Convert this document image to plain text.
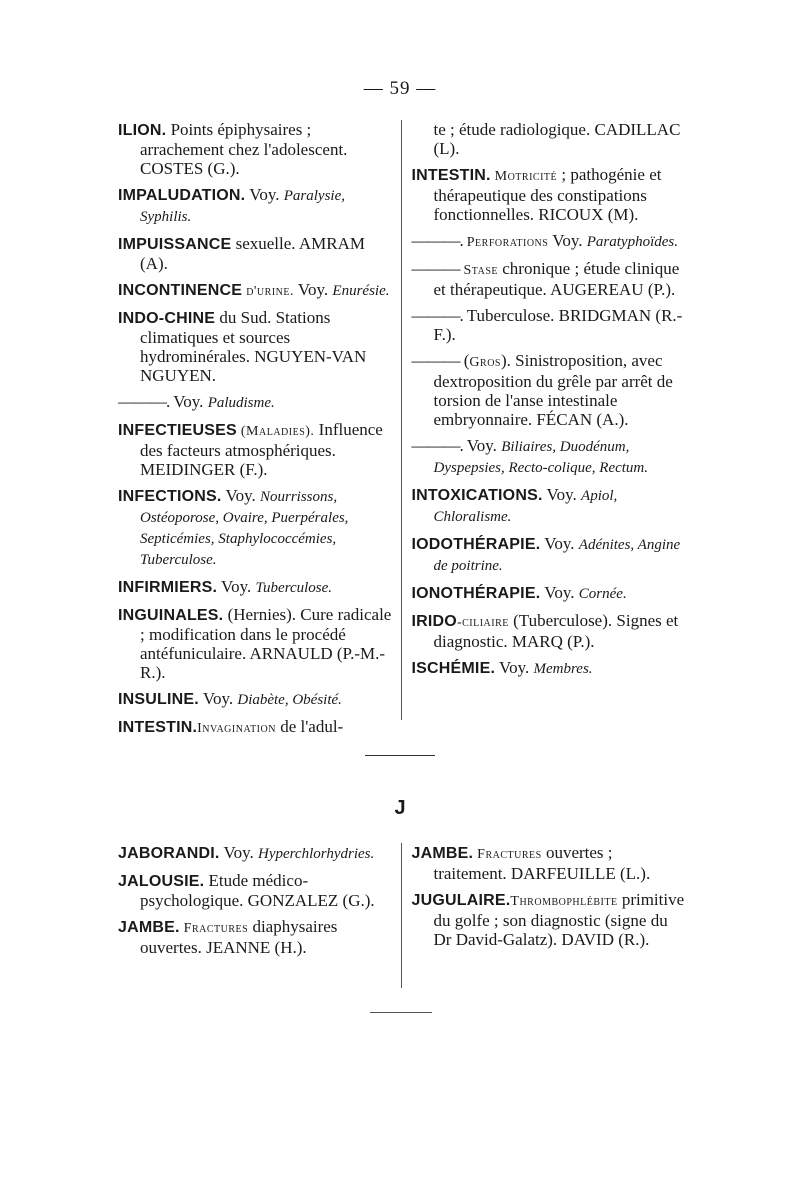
— 59 —
ILION. Points épiphysaires ; arrachement chez l'adolescent. COSTES (G.).
IMPALUDATION. Voy. Paralysie, Syphilis.
IMPUISSANCE sexuelle. AMRAM (A).
INCONTINENCE d'urine. Voy. Enurésie.
INDO-CHINE du Sud. Stations climatiques et sources hydrominérales. NGUYEN-VAN NGUYEN.
———. Voy. Paludisme.
INFECTIEUSES (Maladies). Influence des facteurs atmosphériques. MEIDINGER (F.).
INFECTIONS. Voy. Nourrissons, Ostéoporose, Ovaire, Puerpérales, Septicémies, Staphylococcémies, Tuberculose.
INFIRMIERS. Voy. Tuberculose.
INGUINALES. (Hernies). Cure radicale ; modification dans le procédé antéfuniculaire. ARNAULD (P.-M.-R.).
INSULINE. Voy. Diabète, Obésité.
INTESTIN.Invagination de l'adul-
te ; étude radiologique. CADILLAC (L).
INTESTIN. Motricité ; pathogénie et thérapeutique des constipations fonctionnelles. RICOUX (M).
———. Perforations Voy. Paratyphoïdes.
——— Stase chronique ; étude clinique et thérapeutique. AUGEREAU (P.).
———. Tuberculose. BRIDGMAN (R.-F.).
——— (Gros). Sinistroposition, avec dextroposition du grêle par arrêt de torsion de l'anse intestinale embryonnaire. FÉCAN (A.).
———. Voy. Biliaires, Duodénum, Dyspepsies, Recto-colique, Rectum.
INTOXICATIONS. Voy. Apiol, Chloralisme.
IODOTHÉRAPIE. Voy. Adénites, Angine de poitrine.
IONOTHÉRAPIE. Voy. Cornée.
IRIDO-ciliaire (Tuberculose). Signes et diagnostic. MARQ (P.).
ISCHÉMIE. Voy. Membres.
J
JABORANDI. Voy. Hyperchlorhydries.
JALOUSIE. Etude médico-psychologique. GONZALEZ (G.).
JAMBE. Fractures diaphysaires ouvertes. JEANNE (H.).
JAMBE. Fractures ouvertes ; traitement. DARFEUILLE (L.).
JUGULAIRE.Thrombophlébite primitive du golfe ; son diagnostic (signe du Dr David-Galatz). DAVID (R.).
